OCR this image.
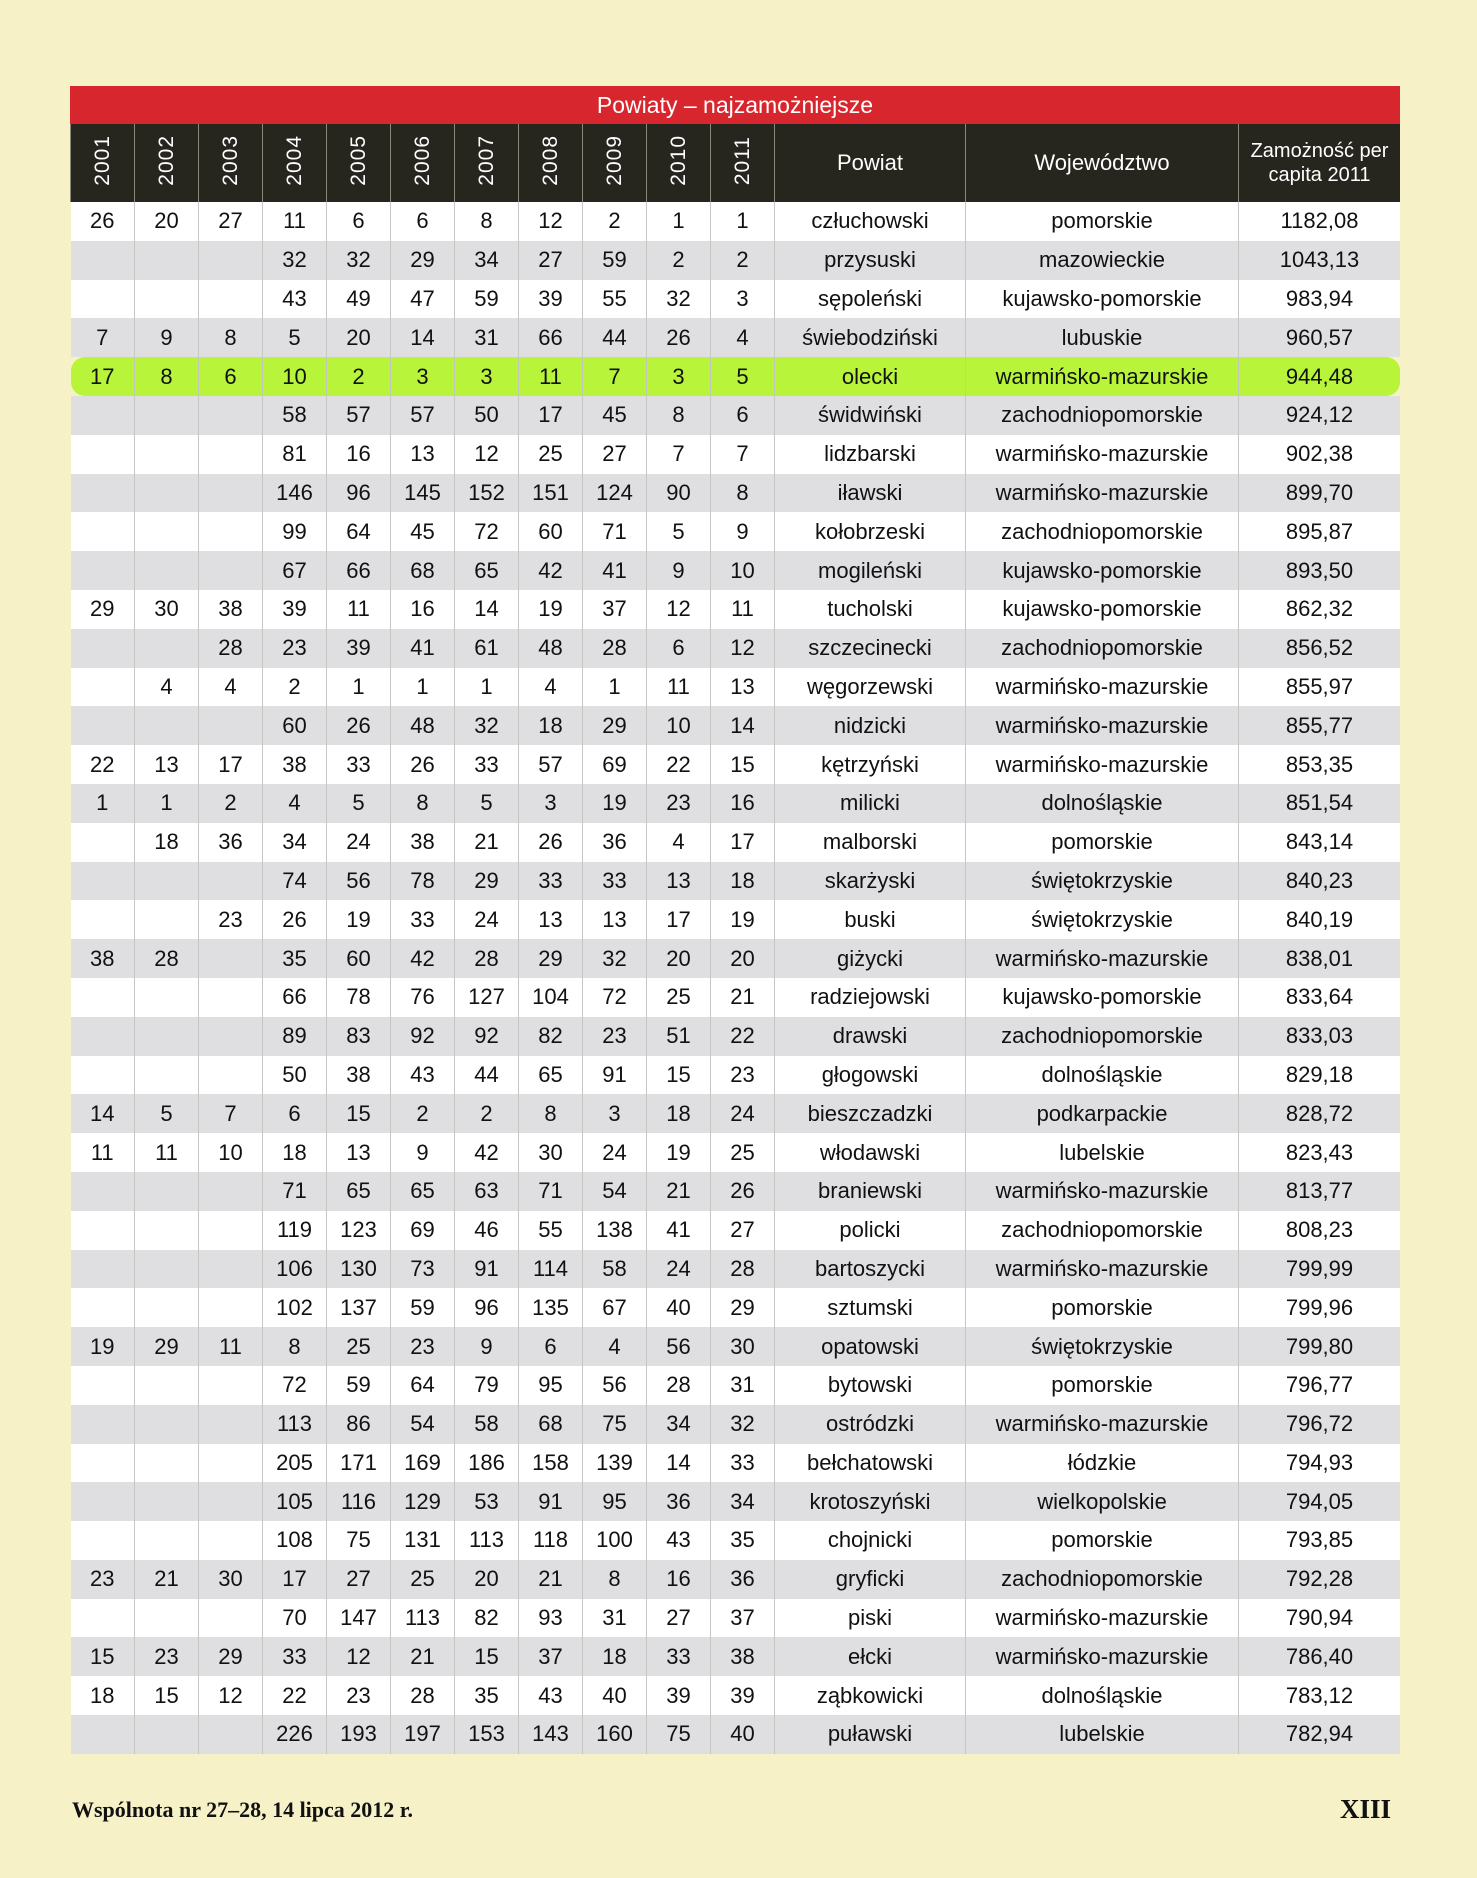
Powiaty – najzamożniejsze
2001	2002	2003	2004	2005	2006	2007	2008	2009	2010	2011	Powiat	Województwo	Zamożność per
capita 2011

26	20	27	11	6	6	8	12	2	1	1	człuchowski	pomorskie	1182,08
			32	32	29	34	27	59	2	2	przysuski	mazowieckie	1043,13
			43	49	47	59	39	55	32	3	sępoleński	kujawsko-pomorskie	983,94
7	9	8	5	20	14	31	66	44	26	4	świebodziński	lubuskie	960,57
17	8	6	10	2	3	3	11	7	3	5	olecki	warmińsko-mazurskie	944,48
			58	57	57	50	17	45	8	6	świdwiński	zachodniopomorskie	924,12
			81	16	13	12	25	27	7	7	lidzbarski	warmińsko-mazurskie	902,38
			146	96	145	152	151	124	90	8	iławski	warmińsko-mazurskie	899,70
			99	64	45	72	60	71	5	9	kołobrzeski	zachodniopomorskie	895,87
			67	66	68	65	42	41	9	10	mogileński	kujawsko-pomorskie	893,50
29	30	38	39	11	16	14	19	37	12	11	tucholski	kujawsko-pomorskie	862,32
		28	23	39	41	61	48	28	6	12	szczecinecki	zachodniopomorskie	856,52
	4	4	2	1	1	1	4	1	11	13	węgorzewski	warmińsko-mazurskie	855,97
			60	26	48	32	18	29	10	14	nidzicki	warmińsko-mazurskie	855,77
22	13	17	38	33	26	33	57	69	22	15	kętrzyński	warmińsko-mazurskie	853,35
1	1	2	4	5	8	5	3	19	23	16	milicki	dolnośląskie	851,54
	18	36	34	24	38	21	26	36	4	17	malborski	pomorskie	843,14
			74	56	78	29	33	33	13	18	skarżyski	świętokrzyskie	840,23
		23	26	19	33	24	13	13	17	19	buski	świętokrzyskie	840,19
38	28		35	60	42	28	29	32	20	20	giżycki	warmińsko-mazurskie	838,01
			66	78	76	127	104	72	25	21	radziejowski	kujawsko-pomorskie	833,64
			89	83	92	92	82	23	51	22	drawski	zachodniopomorskie	833,03
			50	38	43	44	65	91	15	23	głogowski	dolnośląskie	829,18
14	5	7	6	15	2	2	8	3	18	24	bieszczadzki	podkarpackie	828,72
11	11	10	18	13	9	42	30	24	19	25	włodawski	lubelskie	823,43
			71	65	65	63	71	54	21	26	braniewski	warmińsko-mazurskie	813,77
			119	123	69	46	55	138	41	27	policki	zachodniopomorskie	808,23
			106	130	73	91	114	58	24	28	bartoszycki	warmińsko-mazurskie	799,99
			102	137	59	96	135	67	40	29	sztumski	pomorskie	799,96
19	29	11	8	25	23	9	6	4	56	30	opatowski	świętokrzyskie	799,80
			72	59	64	79	95	56	28	31	bytowski	pomorskie	796,77
			113	86	54	58	68	75	34	32	ostródzki	warmińsko-mazurskie	796,72
			205	171	169	186	158	139	14	33	bełchatowski	łódzkie	794,93
			105	116	129	53	91	95	36	34	krotoszyński	wielkopolskie	794,05
			108	75	131	113	118	100	43	35	chojnicki	pomorskie	793,85
23	21	30	17	27	25	20	21	8	16	36	gryficki	zachodniopomorskie	792,28
			70	147	113	82	93	31	27	37	piski	warmińsko-mazurskie	790,94
15	23	29	33	12	21	15	37	18	33	38	ełcki	warmińsko-mazurskie	786,40
18	15	12	22	23	28	35	43	40	39	39	ząbkowicki	dolnośląskie	783,12
			226	193	197	153	143	160	75	40	puławski	lubelskie	782,94
Wspólnota nr 27–28, 14 lipca 2012 r.	XIII
